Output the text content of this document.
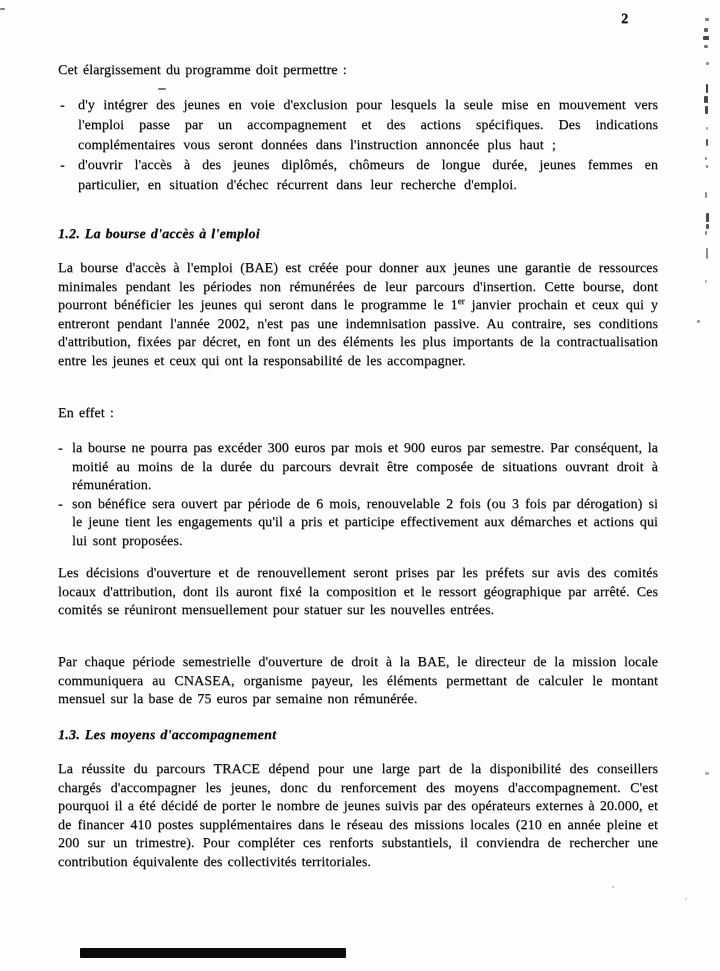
2
Cet élargissement du programme doit permettre :
- d'y intégrer des jeunes en voie d'exclusion pour lesquels la seule mise en mouvement vers l'emploi passe par un accompagnement et des actions spécifiques. Des indications complémentaires vous seront données dans l'instruction annoncée plus haut ;
- d'ouvrir l'accès à des jeunes diplômés, chômeurs de longue durée, jeunes femmes en particulier, en situation d'échec récurrent dans leur recherche d'emploi.
1.2. La bourse d'accès à l'emploi
La bourse d'accès à l'emploi (BAE) est créée pour donner aux jeunes une garantie de ressources minimales pendant les périodes non rémunérées de leur parcours d'insertion. Cette bourse, dont pourront bénéficier les jeunes qui seront dans le programme le 1er janvier prochain et ceux qui y entreront pendant l'année 2002, n'est pas une indemnisation passive. Au contraire, ses conditions d'attribution, fixées par décret, en font un des éléments les plus importants de la contractualisation entre les jeunes et ceux qui ont la responsabilité de les accompagner.
En effet :
- la bourse ne pourra pas excéder 300 euros par mois et 900 euros par semestre. Par conséquent, la moitié au moins de la durée du parcours devrait être composée de situations ouvrant droit à rémunération.
- son bénéfice sera ouvert par période de 6 mois, renouvelable 2 fois (ou 3 fois par dérogation) si le jeune tient les engagements qu'il a pris et participe effectivement aux démarches et actions qui lui sont proposées.
Les décisions d'ouverture et de renouvellement seront prises par les préfets sur avis des comités locaux d'attribution, dont ils auront fixé la composition et le ressort géographique par arrêté. Ces comités se réuniront mensuellement pour statuer sur les nouvelles entrées.
Par chaque période semestrielle d'ouverture de droit à la BAE, le directeur de la mission locale communiquera au CNASEA, organisme payeur, les éléments permettant de calculer le montant mensuel sur la base de 75 euros par semaine non rémunérée.
1.3. Les moyens d'accompagnement
La réussite du parcours TRACE dépend pour une large part de la disponibilité des conseillers chargés d'accompagner les jeunes, donc du renforcement des moyens d'accompagnement. C'est pourquoi il a été décidé de porter le nombre de jeunes suivis par des opérateurs externes à 20.000, et de financer 410 postes supplémentaires dans le réseau des missions locales (210 en année pleine et 200 sur un trimestre). Pour compléter ces renforts substantiels, il conviendra de rechercher une contribution équivalente des collectivités territoriales.
